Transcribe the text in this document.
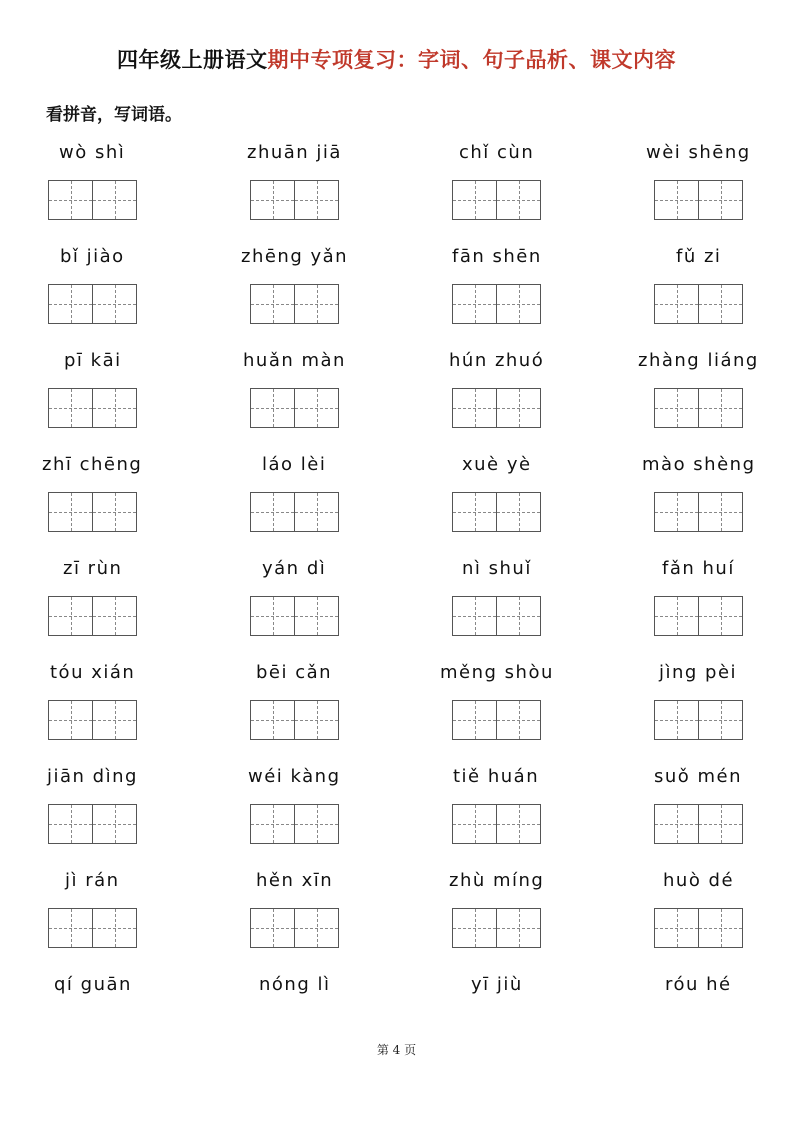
四年级上册语文期中专项复习：字词、句子品析、课文内容
看拼音，写词语。
wò shì	zhuān jiā	chǐ cùn	wèi shēng
bǐ jiào	zhēng yǎn	fān shēn	fǔ zi
pī kāi	huǎn màn	hún zhuó	zhàng liáng
zhī chēng	láo lèi	xuè yè	mào shèng
zī rùn	yán dì	nì shuǐ	fǎn huí
tóu xián	bēi cǎn	měng shòu	jìng pèi
jiān dìng	wéi kàng	tiě huán	suǒ mén
jì rán	hěn xīn	zhù míng	huò dé
qí guān	nóng lì	yī jiù	róu hé
第 4 页
